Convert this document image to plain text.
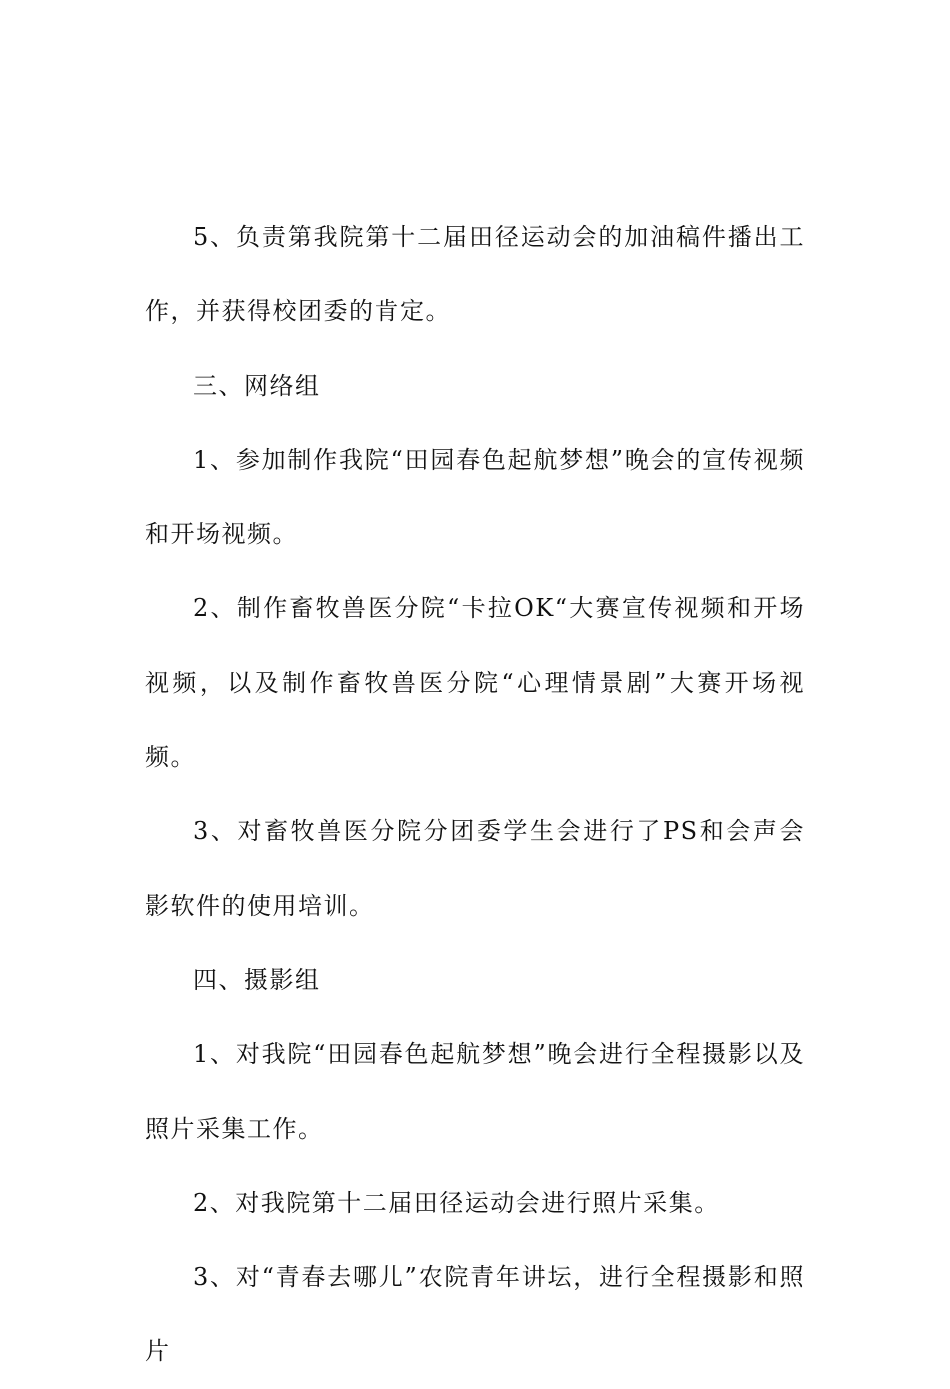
5、负责第我院第十二届田径运动会的加油稿件播出工作，并获得校团委的肯定。

三、网络组

1、参加制作我院“田园春色起航梦想”晚会的宣传视频和开场视频。

2、制作畜牧兽医分院“卡拉OK“大赛宣传视频和开场视频，以及制作畜牧兽医分院“心理情景剧”大赛开场视频。

3、对畜牧兽医分院分团委学生会进行了PS和会声会影软件的使用培训。

四、摄影组

1、对我院“田园春色起航梦想”晚会进行全程摄影以及照片采集工作。

2、对我院第十二届田径运动会进行照片采集。

3、对“青春去哪儿”农院青年讲坛，进行全程摄影和照片
